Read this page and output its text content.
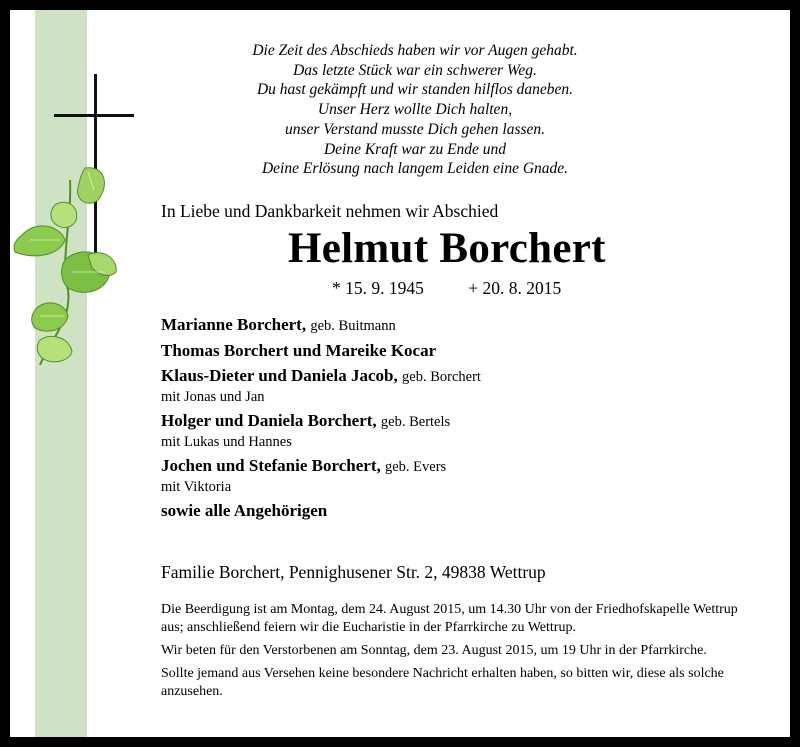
Die Zeit des Abschieds haben wir vor Augen gehabt.
Das letzte Stück war ein schwerer Weg.
Du hast gekämpft und wir standen hilflos daneben.
Unser Herz wollte Dich halten,
unser Verstand musste Dich gehen lassen.
Deine Kraft war zu Ende und
Deine Erlösung nach langem Leiden eine Gnade.
In Liebe und Dankbarkeit nehmen wir Abschied
Helmut Borchert
* 15. 9. 1945	+ 20. 8. 2015
Marianne Borchert, geb. Buitmann
Thomas Borchert und Mareike Kocar
Klaus-Dieter und Daniela Jacob, geb. Borchert
mit Jonas und Jan
Holger und Daniela Borchert, geb. Bertels
mit Lukas und Hannes
Jochen und Stefanie Borchert, geb. Evers
mit Viktoria
sowie alle Angehörigen
Familie Borchert, Pennighusener Str. 2, 49838 Wettrup

Die Beerdigung ist am Montag, dem 24. August 2015, um 14.30 Uhr von der Friedhofskapelle Wettrup aus; anschließend feiern wir die Eucharistie in der Pfarrkirche zu Wettrup.

Wir beten für den Verstorbenen am Sonntag, dem 23. August 2015, um 19 Uhr in der Pfarrkirche.

Sollte jemand aus Versehen keine besondere Nachricht erhalten haben, so bitten wir, diese als solche anzusehen.
